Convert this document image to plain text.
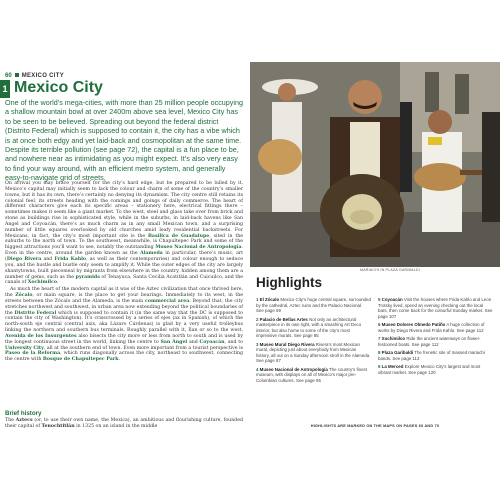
60 MEXICO CITY
1 Mexico City

One of the world’s mega-cities, with more than 25 million people occupying a shallow mountain bowl at over 2400m above sea level, Mexico City has to be seen to be believed. Spreading out beyond the federal district (Distrito Federal) which is supposed to contain it, the city has a vibe which is at once both edgy and yet laid-back and cosmopolitan at the same time. Despite its terrible pollution (see page 72), the capital is a fun place to be, and nowhere near as intimidating as you might expect. It’s also very easy to find your way around, with an efficient metro system, and generally easy-to-navigate grid of streets.

On arrival you may brace yourself for the city’s hard edge, but be prepared to be lulled by it. Mexico’s capital may initially seem to lack the colour and charm of some of the country’s smaller towns, but it has its own, there’s certainly no denying its dynamism. The city centre still retains its colonial feel, its streets heading with the comings and goings of daily commerce. The heart of different characters give each its specific areas – stationery here, electrical fittings there – sometimes makes it seem like a giant market. To the west, steel and glass take over from brick and stone as buildings rise in sophisticated style, while in the suburbs, in laid-back havens like San Ángel and Coyoacán, there’s as much charm as in any small Mexican town, and a surprising number of little squares overlooked by old churches amid leafy residential backstreets. For Mexicans, in fact, the city’s most important site is the Basílica de Guadalupe, sited in the suburbs to the north of town. To the southwest, meanwhile, is Chapultepec Park and some of the biggest attractions you’ll want to see, notably the outstanding Museo Nacional de Antropología. Even in the centre, around the garden known as the Alameda in particular, there’s music, art (Diego Rivera and Frida Kahlo, as well as their contemporaries) and colour enough to seduce you, and the hustle and bustle only seem to amplify it. While the outer edges of the city are largely shantytowns, built piecemeal by migrants from elsewhere in the country, hidden among them are a number of gems, such as the pyramids of Tenayuca, Santa Cecilia Acatitlán and Cuicuilco, and the canals of Xochimilco.

As much the heart of the modern capital as it was of the Aztec civilization that once thrived here, the Zócalo, or main square, is the place to get your bearings. Immediately to its west, in the streets between the Zócalo and the Alameda, is the main commercial area. Beyond that, the city stretches northwest and southwest, in urban area now extending beyond the political boundaries of the Distrito Federal which is supposed to contain it (in the same way that the DC is supposed to contain the city of Washington). It’s crisscrossed by a series of ejes (ax in Spanish), of which the north-south eje central (central axis, aka Lázaro Cárdenas) is glad by a very useful trolleybus linking the northern and southern bus terminals. Roughly parallel with it, Ilan or so to the west, Avenida de los Insurgentes also bisects the city more or less from north to south and is used by the longest continuous street in the world, linking the centre to San Ángel and Coyoacán, and to University City, all at the southern end of town. Even more important from a tourist perspective is Paseo de la Reforma, which runs diagonally across the city, northeast to southwest, connecting the centre with Bosque de Chapultepec Park.

Brief history

The Aztecs (or, to use their own name, the Mexica), an ambitious and flourishing culture, founded their capital of Tenochtitlán in 1325 on an island in the middle

MARIACHI IN PLAZA GARIBALDI
Highlights

1 El Zócalo Mexico City’s huge central square, surrounded by the cathedral, Aztec ruins and the Palacio Nacional. See page 69

2 Palacio de Bellas Artes Not only an architectural masterpiece in its own right, with a smashing Art Deco interior, but also home to some of the city’s most impressive murals. See page 85

3 Museo Mural Diego Rivera Rivera’s most Mexican mural, depicting just about everybody from Mexican history, all out on a Sunday afternoon stroll in the Alameda. See page 87

4 Museo Nacional de Antropología The country’s finest museum, with displays on all of Mexico’s major pre-Columbian cultures. See page 95

5 Coyoacán Visit the houses where Frida Kahlo and Leon Trotsky lived, spend an evening checking out the local bars, then come back for the colourful Sunday market. See page 107

6 Museo Dolores Olmedo Patiño A huge collection of works by Diego Rivera and Frida Kahlo. See page 112

7 Xochimilco Ride the ancient waterways on flower-festooned boats. See page 112

8 Plaza Garibaldi The frenetic site of massed mariachi bands. See page 113

9 La Merced Explore Mexico City’s largest and most vibrant market. See page 120

HIGHLIGHTS ARE MARKED ON THE MAPS ON PAGES 66 AND 70
